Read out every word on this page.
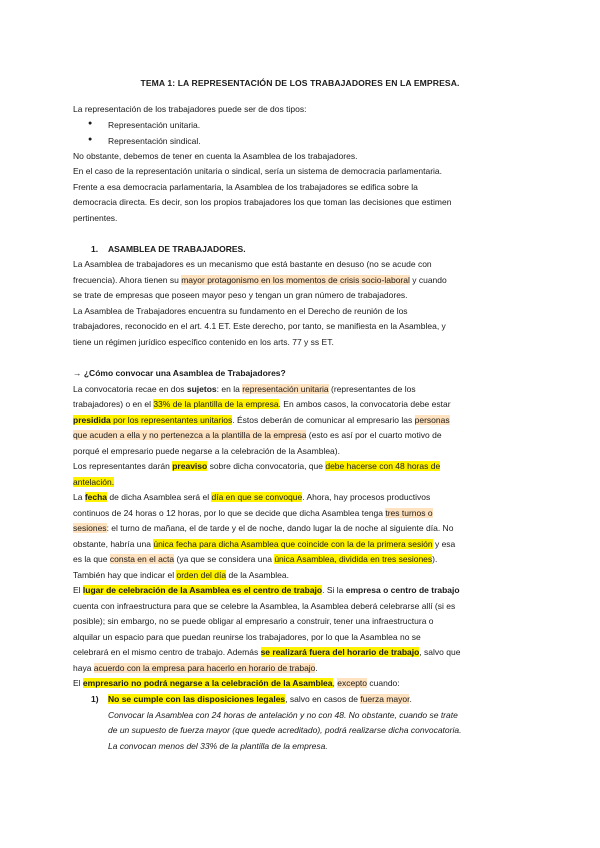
TEMA 1: LA REPRESENTACIÓN DE LOS TRABAJADORES EN LA EMPRESA.
La representación de los trabajadores puede ser de dos tipos:
● Representación unitaria.
● Representación sindical.
No obstante, debemos de tener en cuenta la Asamblea de los trabajadores.
En el caso de la representación unitaria o sindical, sería un sistema de democracia parlamentaria.
Frente a esa democracia parlamentaria, la Asamblea de los trabajadores se edifica sobre la
democracia directa. Es decir, son los propios trabajadores los que toman las decisiones que estimen
pertinentes.
1. ASAMBLEA DE TRABAJADORES.
La Asamblea de trabajadores es un mecanismo que está bastante en desuso (no se acude con
frecuencia). Ahora tienen su mayor protagonismo en los momentos de crisis socio-laboral y cuando
se trate de empresas que poseen mayor peso y tengan un gran número de trabajadores.
La Asamblea de Trabajadores encuentra su fundamento en el Derecho de reunión de los
trabajadores, reconocido en el art. 4.1 ET. Este derecho, por tanto, se manifiesta en la Asamblea, y
tiene un régimen jurídico específico contenido en los arts. 77 y ss ET.
→ ¿Cómo convocar una Asamblea de Trabajadores?
La convocatoria recae en dos sujetos: en la representación unitaria (representantes de los
trabajadores) o en el 33% de la plantilla de la empresa. En ambos casos, la convocatoria debe estar
presidida por los representantes unitarios. Éstos deberán de comunicar al empresario las personas
que acuden a ella y no pertenezca a la plantilla de la empresa (esto es así por el cuarto motivo de
porqué el empresario puede negarse a la celebración de la Asamblea).
Los representantes darán preaviso sobre dicha convocatoria, que debe hacerse con 48 horas de
antelación.
La fecha de dicha Asamblea será el día en que se convoque. Ahora, hay procesos productivos
continuos de 24 horas o 12 horas, por lo que se decide que dicha Asamblea tenga tres turnos o
sesiones: el turno de mañana, el de tarde y el de noche, dando lugar la de noche al siguiente día. No
obstante, habría una única fecha para dicha Asamblea que coincide con la de la primera sesión y esa
es la que consta en el acta (ya que se considera una única Asamblea, dividida en tres sesiones).
También hay que indicar el orden del día de la Asamblea.
El lugar de celebración de la Asamblea es el centro de trabajo. Si la empresa o centro de trabajo
cuenta con infraestructura para que se celebre la Asamblea, la Asamblea deberá celebrarse allí (si es
posible); sin embargo, no se puede obligar al empresario a construir, tener una infraestructura o
alquilar un espacio para que puedan reunirse los trabajadores, por lo que la Asamblea no se
celebrará en el mismo centro de trabajo. Además se realizará fuera del horario de trabajo, salvo que
haya acuerdo con la empresa para hacerlo en horario de trabajo.
El empresario no podrá negarse a la celebración de la Asamblea, excepto cuando:
1) No se cumple con las disposiciones legales, salvo en casos de fuerza mayor.
Convocar la Asamblea con 24 horas de antelación y no con 48. No obstante, cuando se trate
de un supuesto de fuerza mayor (que quede acreditado), podrá realizarse dicha convocatoria.
La convocan menos del 33% de la plantilla de la empresa.
